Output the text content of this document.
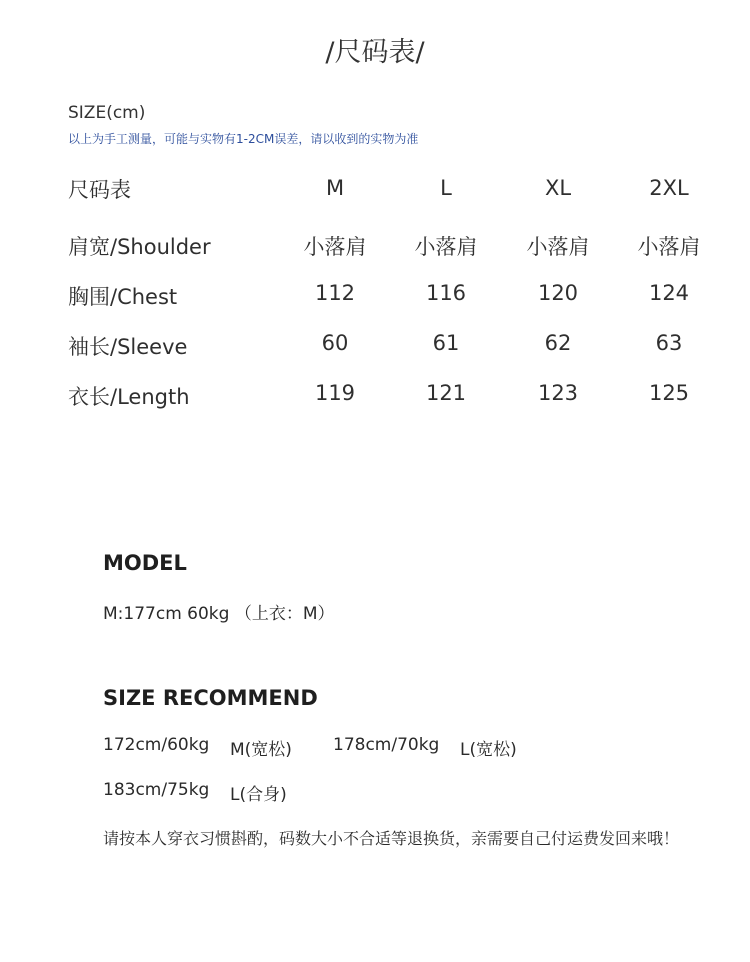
/尺码表/
SIZE(cm)
以上为手工测量，可能与实物有1-2CM误差，请以收到的实物为准
尺码表	M	L	XL	2XL
肩宽/Shoulder	小落肩	小落肩	小落肩	小落肩
胸围/Chest	112	116	120	124
袖长/Sleeve	60	61	62	63
衣长/Length	119	121	123	125
MODEL
M:177cm 60kg （上衣：M）
SIZE RECOMMEND
172cm/60kg M(宽松) 178cm/70kg L(宽松)
183cm/75kg L(合身)
请按本人穿衣习惯斟酌，码数大小不合适等退换货，亲需要自己付运费发回来哦！
